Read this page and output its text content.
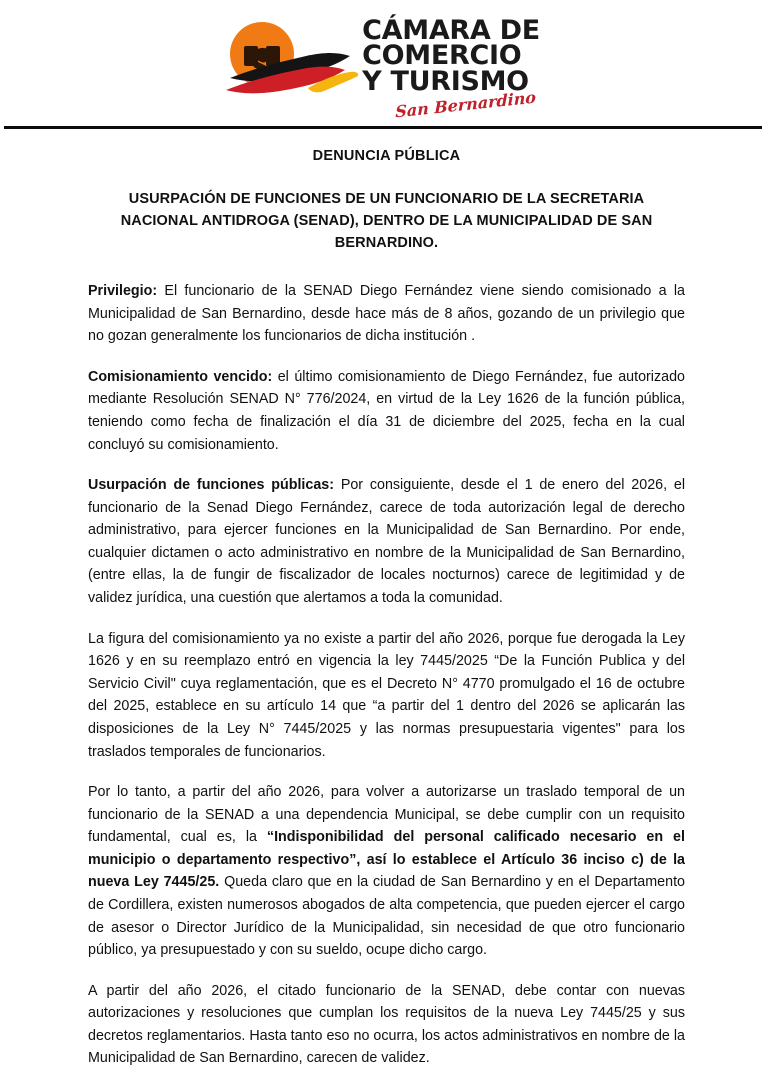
CÁMARA DE
COMERCIO
Y TURISMO
San Bernardino
DENUNCIA PÚBLICA
USURPACIÓN DE FUNCIONES DE UN FUNCIONARIO DE LA SECRETARIA NACIONAL ANTIDROGA (SENAD), DENTRO DE LA MUNICIPALIDAD DE SAN BERNARDINO.

Privilegio: El funcionario de la SENAD Diego Fernández viene siendo comisionado a la Municipalidad de San Bernardino, desde hace más de 8 años, gozando de un privilegio que no gozan generalmente los funcionarios de dicha institución .

Comisionamiento vencido: el último comisionamiento de Diego Fernández, fue autorizado mediante Resolución SENAD N° 776/2024, en virtud de la Ley 1626 de la función pública, teniendo como fecha de finalización el día 31 de diciembre del 2025, fecha en la cual concluyó su comisionamiento.

Usurpación de funciones públicas: Por consiguiente, desde el 1 de enero del 2026, el funcionario de la Senad Diego Fernández, carece de toda autorización legal de derecho administrativo, para ejercer funciones en la Municipalidad de San Bernardino. Por ende, cualquier dictamen o acto administrativo en nombre de la Municipalidad de San Bernardino, (entre ellas, la de fungir de fiscalizador de locales nocturnos) carece de legitimidad y de validez jurídica, una cuestión que alertamos a toda la comunidad.

La figura del comisionamiento ya no existe a partir del año 2026, porque fue derogada la Ley 1626 y en su reemplazo entró en vigencia la ley 7445/2025 “De la Función Publica y del Servicio Civil" cuya reglamentación, que es el Decreto N° 4770 promulgado el 16 de octubre del 2025, establece en su artículo 14 que “a partir del 1 dentro del 2026 se aplicarán las disposiciones de la Ley N° 7445/2025 y las normas presupuestaria vigentes" para los traslados temporales de funcionarios.

Por lo tanto, a partir del año 2026, para volver a autorizarse un traslado temporal de un funcionario de la SENAD a una dependencia Municipal, se debe cumplir con un requisito fundamental, cual es, la “Indisponibilidad del personal calificado necesario en el municipio o departamento respectivo”, así lo establece el Artículo 36 inciso c) de la nueva Ley 7445/25. Queda claro que en la ciudad de San Bernardino y en el Departamento de Cordillera, existen numerosos abogados de alta competencia, que pueden ejercer el cargo de asesor o Director Jurídico de la Municipalidad, sin necesidad de que otro funcionario público, ya presupuestado y con su sueldo, ocupe dicho cargo.

A partir del año 2026, el citado funcionario de la SENAD, debe contar con nuevas autorizaciones y resoluciones que cumplan los requisitos de la nueva Ley 7445/25 y sus decretos reglamentarios. Hasta tanto eso no ocurra, los actos administrativos en nombre de la Municipalidad de San Bernardino, carecen de validez.
